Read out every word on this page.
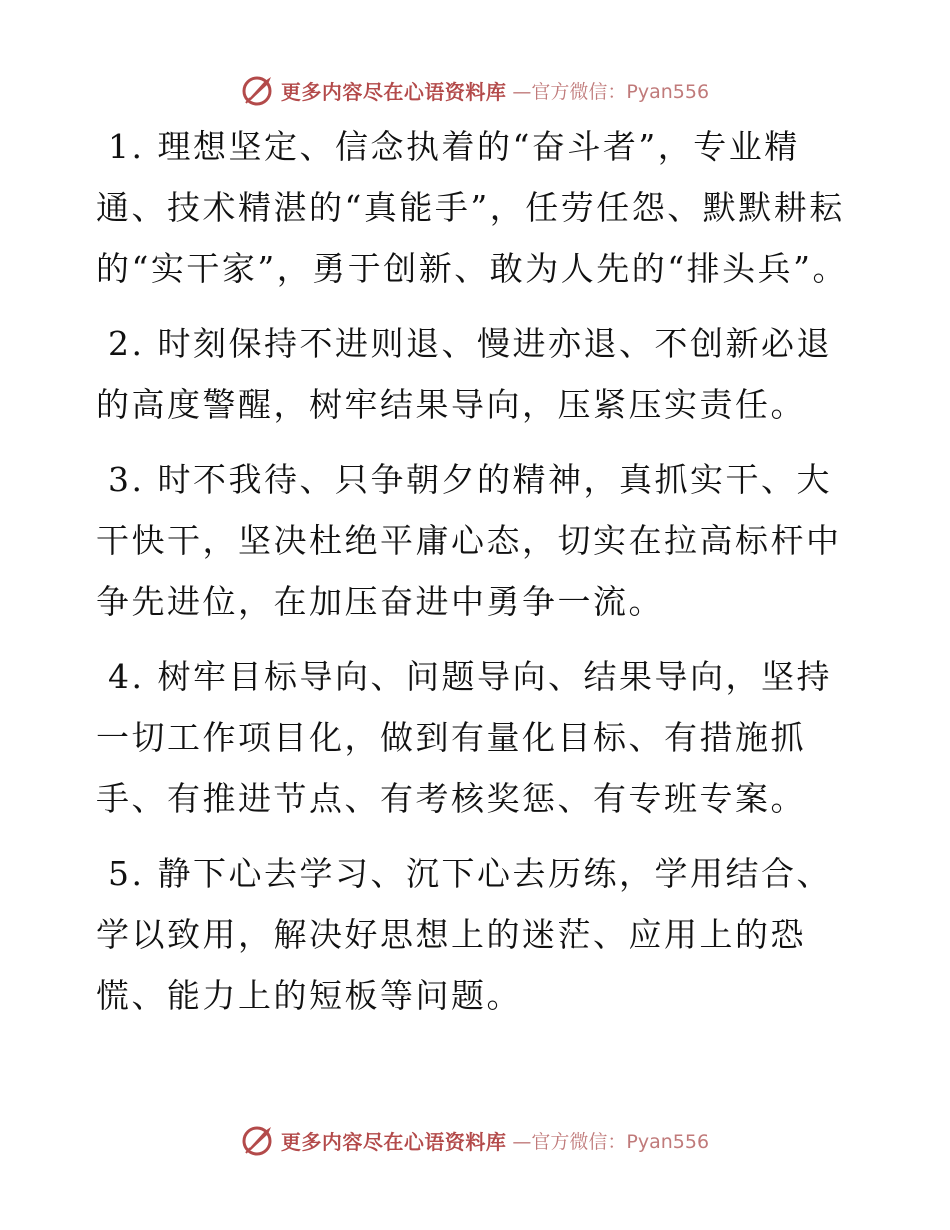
更多内容尽在心语资料库 —官方微信：Pyan556

1. 理想坚定、信念执着的“奋斗者”，专业精通、技术精湛的“真能手”，任劳任怨、默默耕耘的“实干家”，勇于创新、敢为人先的“排头兵”。

2. 时刻保持不进则退、慢进亦退、不创新必退的高度警醒，树牢结果导向，压紧压实责任。

3. 时不我待、只争朝夕的精神，真抓实干、大干快干，坚决杜绝平庸心态，切实在拉高标杆中争先进位，在加压奋进中勇争一流。

4. 树牢目标导向、问题导向、结果导向，坚持一切工作项目化，做到有量化目标、有措施抓手、有推进节点、有考核奖惩、有专班专案。

5. 静下心去学习、沉下心去历练，学用结合、学以致用，解决好思想上的迷茫、应用上的恐慌、能力上的短板等问题。

更多内容尽在心语资料库 —官方微信：Pyan556
